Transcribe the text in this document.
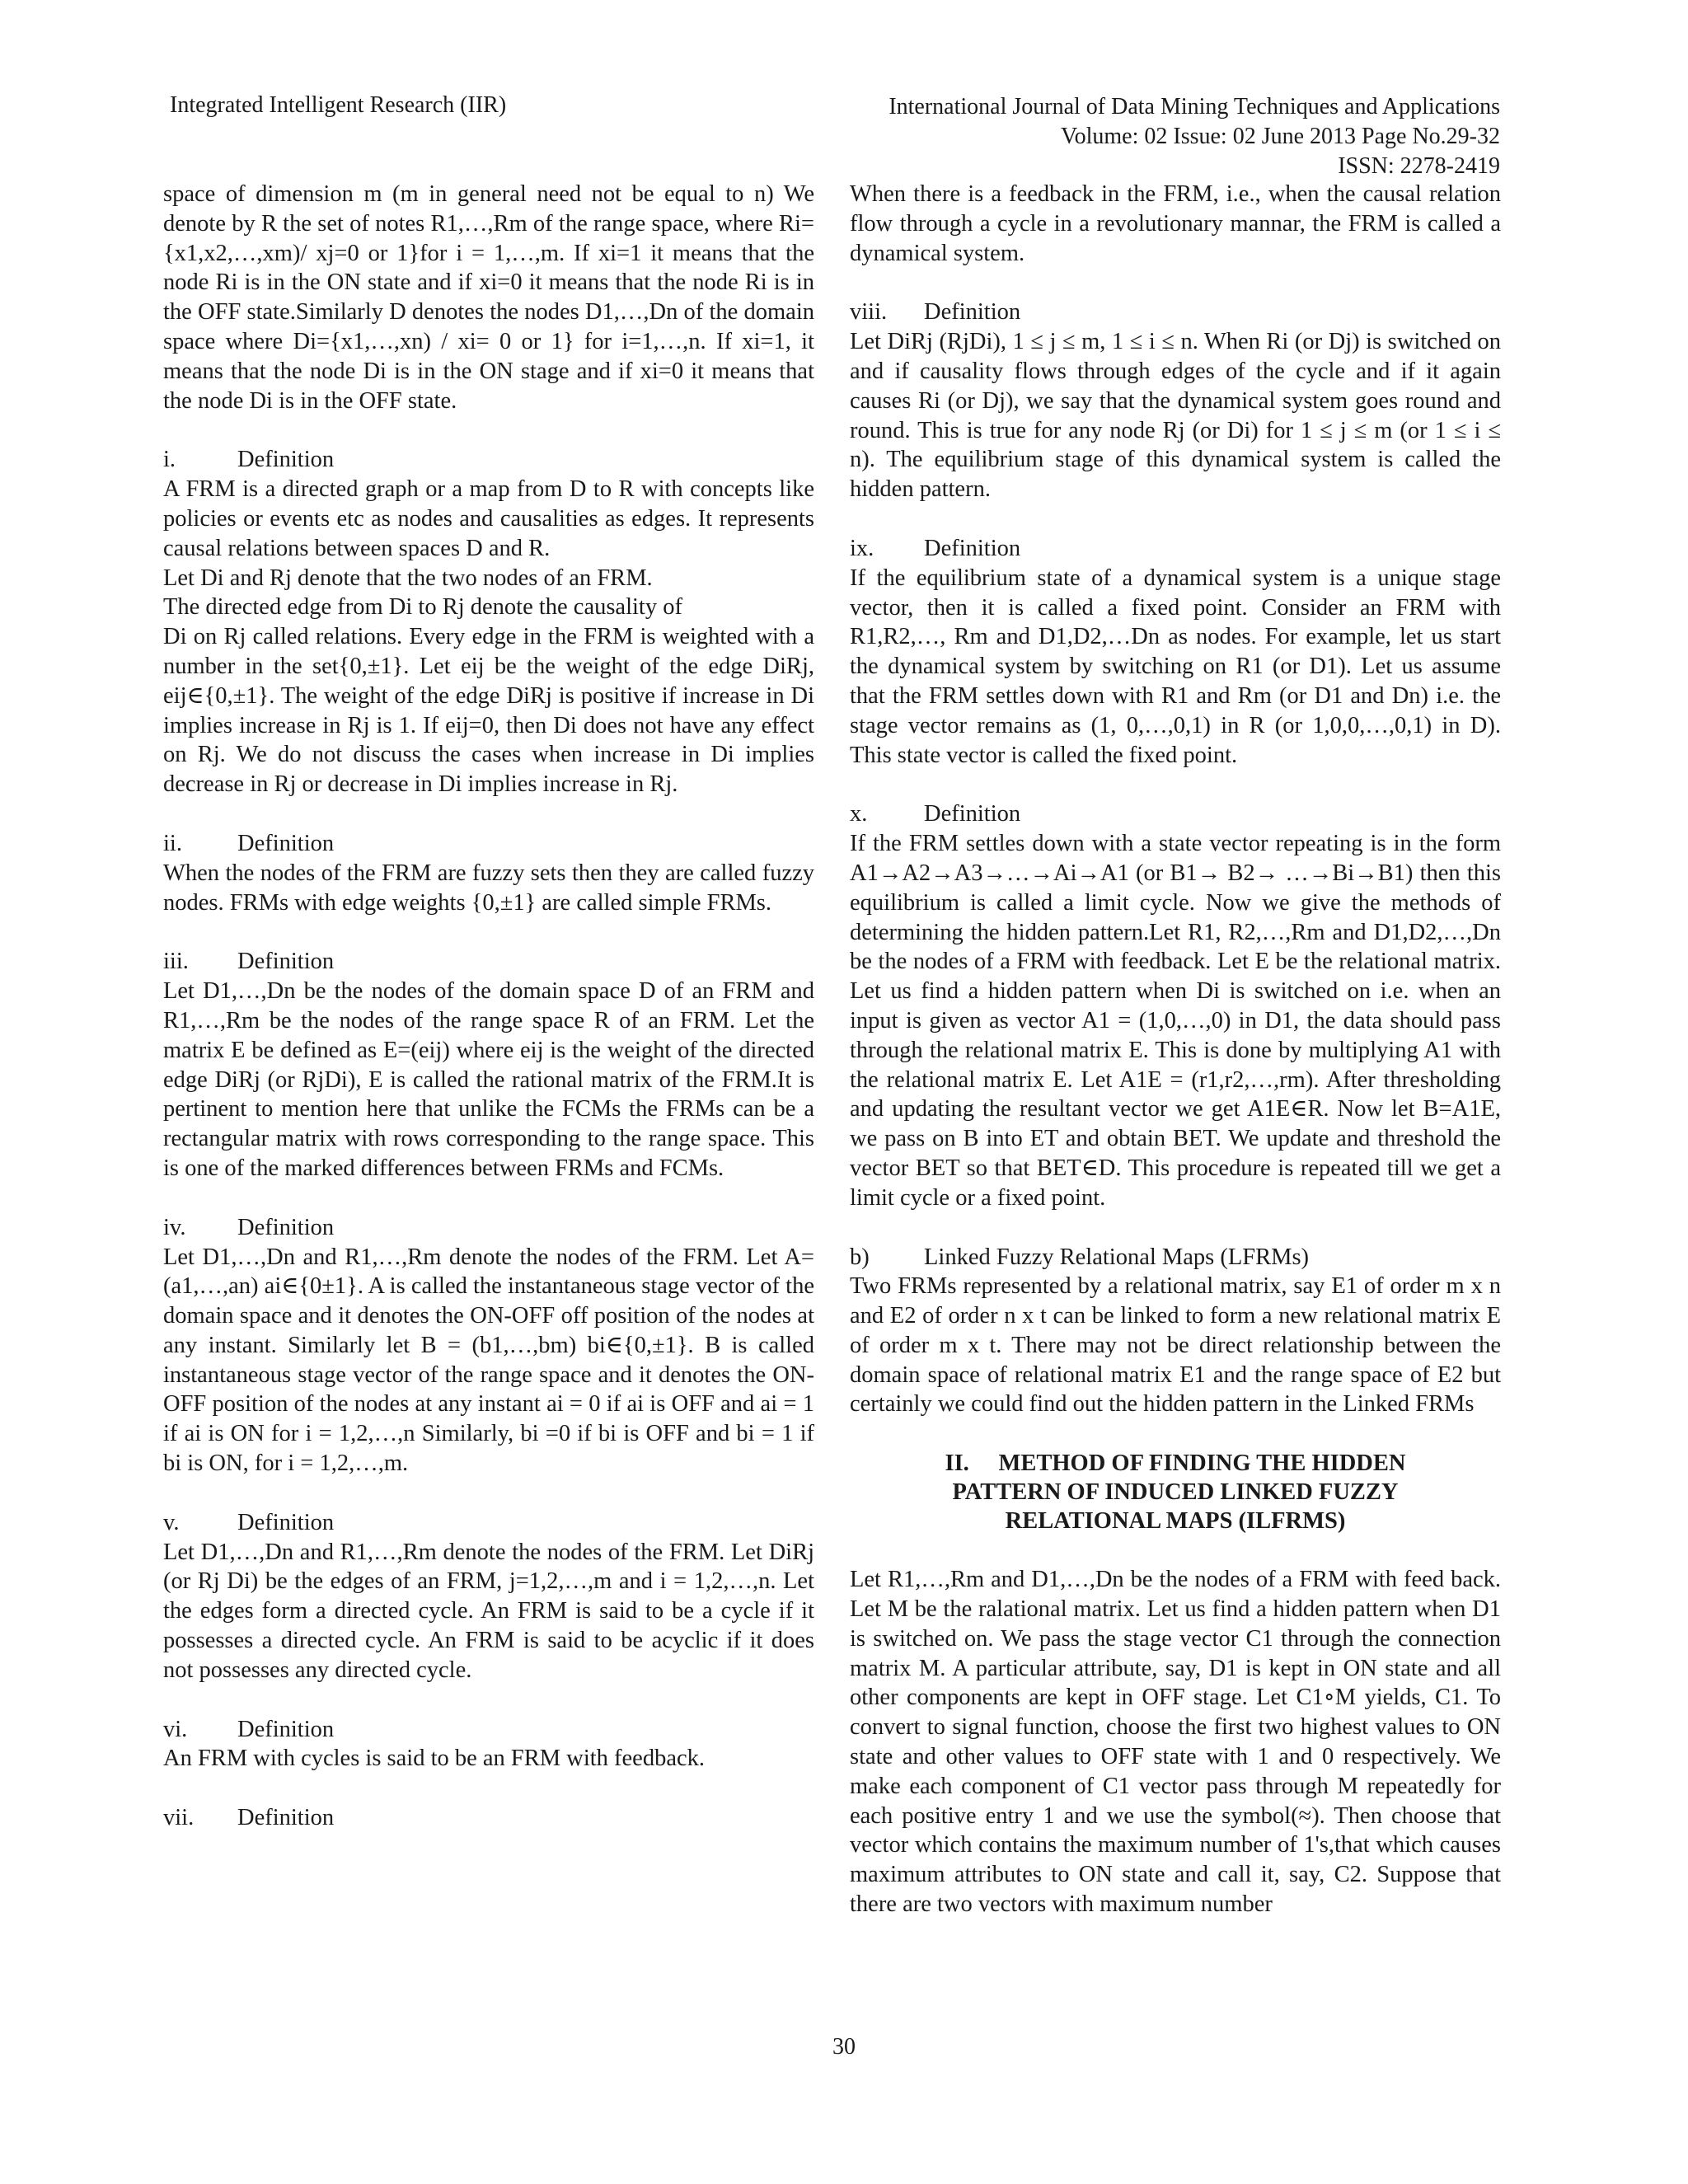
Integrated Intelligent Research (IIR)	International Journal of Data Mining Techniques and Applications
Volume: 02 Issue: 02 June 2013 Page No.29-32
ISSN: 2278-2419

space of dimension m (m in general need not be equal to n) We denote by R the set of notes R1,…,Rm of the range space, where Ri={x1,x2,…,xm)/ xj=0 or 1}for i = 1,…,m. If xi=1 it means that the node Ri is in the ON state and if xi=0 it means that the node Ri is in the OFF state.Similarly D denotes the nodes D1,…,Dn of the domain space where Di={x1,…,xn) / xi= 0 or 1} for i=1,…,n. If xi=1, it means that the node Di is in the ON stage and if xi=0 it means that the node Di is in the OFF state.

i.	Definition

A FRM is a directed graph or a map from D to R with concepts like policies or events etc as nodes and causalities as edges. It represents causal relations between spaces D and R.

Let Di and Rj denote that the two nodes of an FRM.

The directed edge from Di to Rj denote the causality of

Di on Rj called relations. Every edge in the FRM is weighted with a number in the set{0,±1}. Let eij be the weight of the edge DiRj, eij∈{0,±1}. The weight of the edge DiRj is positive if increase in Di implies increase in Rj is 1. If eij=0, then Di does not have any effect on Rj. We do not discuss the cases when increase in Di implies decrease in Rj or decrease in Di implies increase in Rj.

ii.	Definition

When the nodes of the FRM are fuzzy sets then they are called fuzzy nodes. FRMs with edge weights {0,±1} are called simple FRMs.

iii.	Definition

Let D1,…,Dn be the nodes of the domain space D of an FRM and R1,…,Rm be the nodes of the range space R of an FRM. Let the matrix E be defined as E=(eij) where eij is the weight of the directed edge DiRj (or RjDi), E is called the rational matrix of the FRM.It is pertinent to mention here that unlike the FCMs the FRMs can be a rectangular matrix with rows corresponding to the range space. This is one of the marked differences between FRMs and FCMs.

iv.	Definition

Let D1,…,Dn and R1,…,Rm denote the nodes of the FRM. Let A=(a1,…,an) ai∈{0±1}. A is called the instantaneous stage vector of the domain space and it denotes the ON-OFF off position of the nodes at any instant. Similarly let B = (b1,…,bm) bi∈{0,±1}. B is called instantaneous stage vector of the range space and it denotes the ON-OFF position of the nodes at any instant ai = 0 if ai is OFF and ai = 1 if ai is ON for i = 1,2,…,n Similarly, bi =0 if bi is OFF and bi = 1 if bi is ON, for i = 1,2,…,m.

v.	Definition

Let D1,…,Dn and R1,…,Rm denote the nodes of the FRM. Let DiRj (or Rj Di) be the edges of an FRM, j=1,2,…,m and i = 1,2,…,n. Let the edges form a directed cycle. An FRM is said to be a cycle if it possesses a directed cycle. An FRM is said to be acyclic if it does not possesses any directed cycle.

vi.	Definition

An FRM with cycles is said to be an FRM with feedback.

vii.	Definition

When there is a feedback in the FRM, i.e., when the causal relation flow through a cycle in a revolutionary mannar, the FRM is called a dynamical system.

viii.	Definition

Let DiRj (RjDi), 1 ≤ j ≤ m, 1 ≤ i ≤ n. When Ri (or Dj) is switched on and if causality flows through edges of the cycle and if it again causes Ri (or Dj), we say that the dynamical system goes round and round. This is true for any node Rj (or Di) for 1 ≤ j ≤ m (or 1 ≤ i ≤ n). The equilibrium stage of this dynamical system is called the hidden pattern.

ix.	Definition

If the equilibrium state of a dynamical system is a unique stage vector, then it is called a fixed point. Consider an FRM with R1,R2,…, Rm and D1,D2,…Dn as nodes. For example, let us start the dynamical system by switching on R1 (or D1). Let us assume that the FRM settles down with R1 and Rm (or D1 and Dn) i.e. the stage vector remains as (1, 0,…,0,1) in R (or 1,0,0,…,0,1) in D). This state vector is called the fixed point.

x.	Definition

If the FRM settles down with a state vector repeating is in the form A1→A2→A3→…→Ai→A1 (or B1→ B2→ …→Bi→B1) then this equilibrium is called a limit cycle. Now we give the methods of determining the hidden pattern.Let R1, R2,…,Rm and D1,D2,…,Dn be the nodes of a FRM with feedback. Let E be the relational matrix. Let us find a hidden pattern when Di is switched on i.e. when an input is given as vector A1 = (1,0,…,0) in D1, the data should pass through the relational matrix E. This is done by multiplying A1 with the relational matrix E. Let A1E = (r1,r2,…,rm). After thresholding and updating the resultant vector we get A1E∈R. Now let B=A1E, we pass on B into ET and obtain BET. We update and threshold the vector BET so that BET∈D. This procedure is repeated till we get a limit cycle or a fixed point.

b)	Linked Fuzzy Relational Maps (LFRMs)

Two FRMs represented by a relational matrix, say E1 of order m x n and E2 of order n x t can be linked to form a new relational matrix E of order m x t. There may not be direct relationship between the domain space of relational matrix E1 and the range space of E2 but certainly we could find out the hidden pattern in the Linked FRMs

II. METHOD OF FINDING THE HIDDEN

PATTERN OF INDUCED LINKED FUZZY

RELATIONAL MAPS (ILFRMS)

Let R1,…,Rm and D1,…,Dn be the nodes of a FRM with feed back. Let M be the ralational matrix. Let us find a hidden pattern when D1 is switched on. We pass the stage vector C1 through the connection matrix M. A particular attribute, say, D1 is kept in ON state and all other components are kept in OFF stage. Let C1∘M yields, C1. To convert to signal function, choose the first two highest values to ON state and other values to OFF state with 1 and 0 respectively. We make each component of C1 vector pass through M repeatedly for each positive entry 1 and we use the symbol(≈). Then choose that vector which contains the maximum number of 1's,that which causes maximum attributes to ON state and call it, say, C2. Suppose that there are two vectors with maximum number

30
